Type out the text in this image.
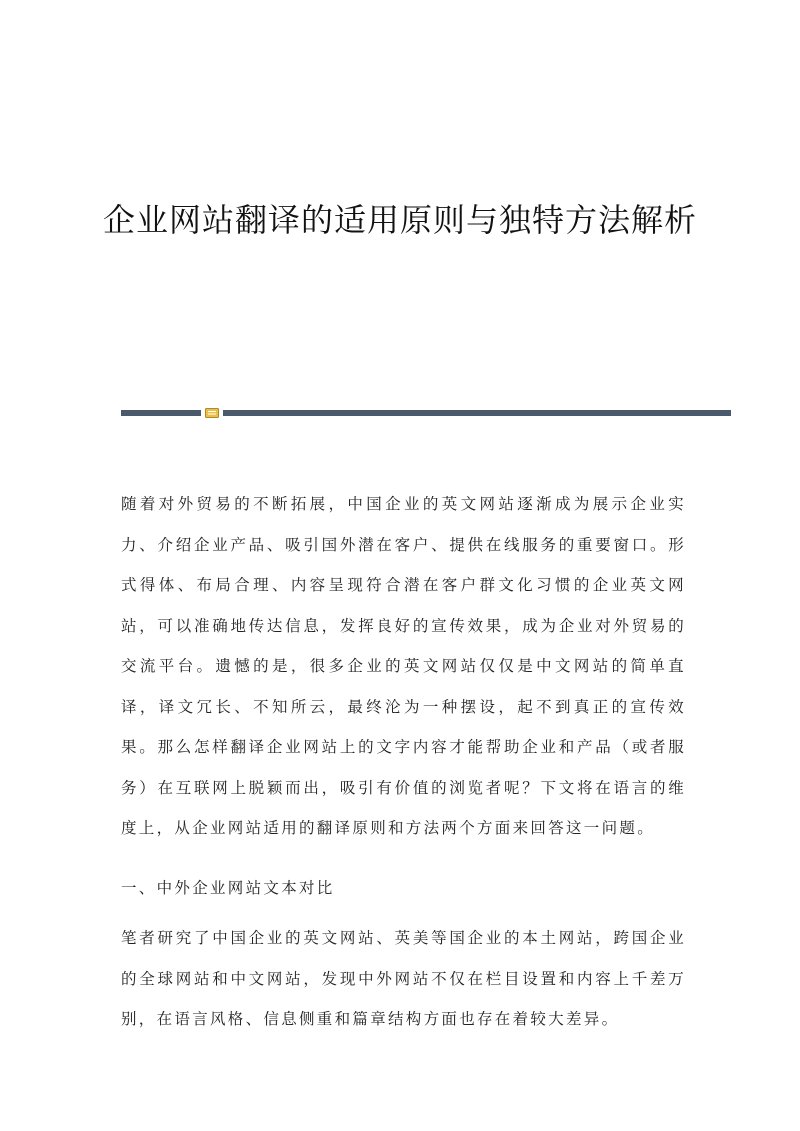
企业网站翻译的适用原则与独特方法解析

随着对外贸易的不断拓展，中国企业的英文网站逐渐成为展示企业实力、介绍企业产品、吸引国外潜在客户、提供在线服务的重要窗口。形式得体、布局合理、内容呈现符合潜在客户群文化习惯的企业英文网站，可以准确地传达信息，发挥良好的宣传效果，成为企业对外贸易的交流平台。遗憾的是，很多企业的英文网站仅仅是中文网站的简单直译，译文冗长、不知所云，最终沦为一种摆设，起不到真正的宣传效果。那么怎样翻译企业网站上的文字内容才能帮助企业和产品（或者服务）在互联网上脱颖而出，吸引有价值的浏览者呢？下文将在语言的维度上，从企业网站适用的翻译原则和方法两个方面来回答这一问题。

一、中外企业网站文本对比

笔者研究了中国企业的英文网站、英美等国企业的本土网站，跨国企业的全球网站和中文网站，发现中外网站不仅在栏目设置和内容上千差万别，在语言风格、信息侧重和篇章结构方面也存在着较大差异。
